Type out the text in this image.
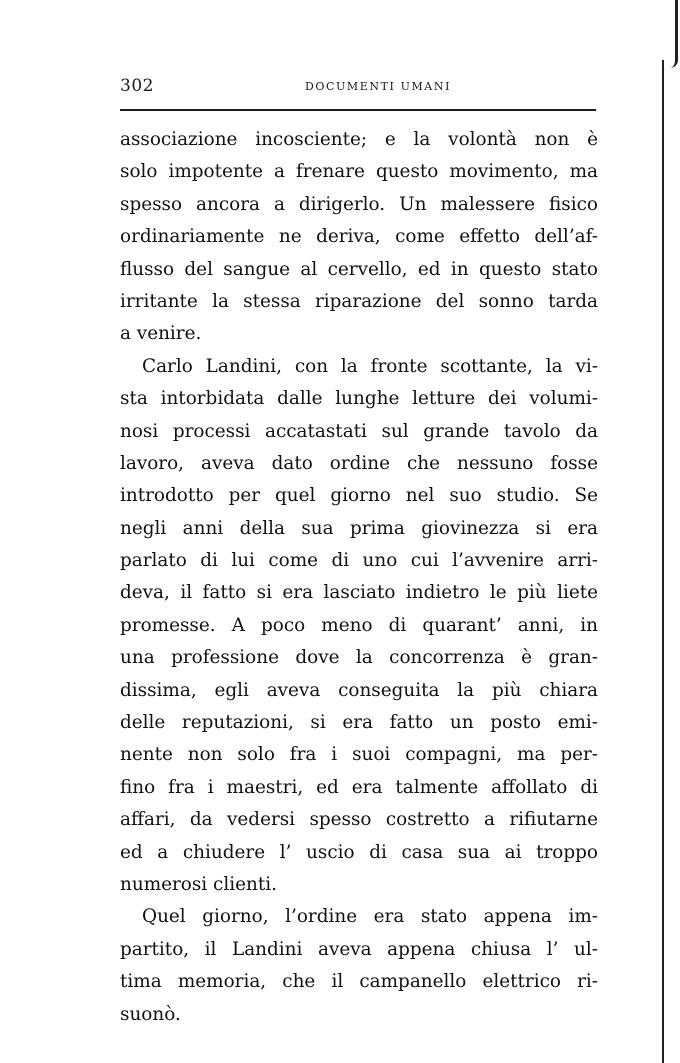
302	DOCUMENTI UMANI

associazione incosciente; e la volontà non è
solo impotente a frenare questo movimento, ma
spesso ancora a dirigerlo. Un malessere fisico
ordinariamente ne deriva, come effetto dell’af-
flusso del sangue al cervello, ed in questo stato
irritante la stessa riparazione del sonno tarda
a venire.

Carlo Landini, con la fronte scottante, la vi-
sta intorbidata dalle lunghe letture dei volumi-
nosi processi accatastati sul grande tavolo da
lavoro, aveva dato ordine che nessuno fosse
introdotto per quel giorno nel suo studio. Se
negli anni della sua prima giovinezza si era
parlato di lui come di uno cui l’avvenire arri-
deva, il fatto si era lasciato indietro le più liete
promesse. A poco meno di quarant’ anni, in
una professione dove la concorrenza è gran-
dissima, egli aveva conseguita la più chiara
delle reputazioni, si era fatto un posto emi-
nente non solo fra i suoi compagni, ma per-
fino fra i maestri, ed era talmente affollato di
affari, da vedersi spesso costretto a rifiutarne
ed a chiudere l’ uscio di casa sua ai troppo
numerosi clienti.

Quel giorno, l’ordine era stato appena im-
partito, il Landini aveva appena chiusa l’ ul-
tima memoria, che il campanello elettrico ri-
suonò.
